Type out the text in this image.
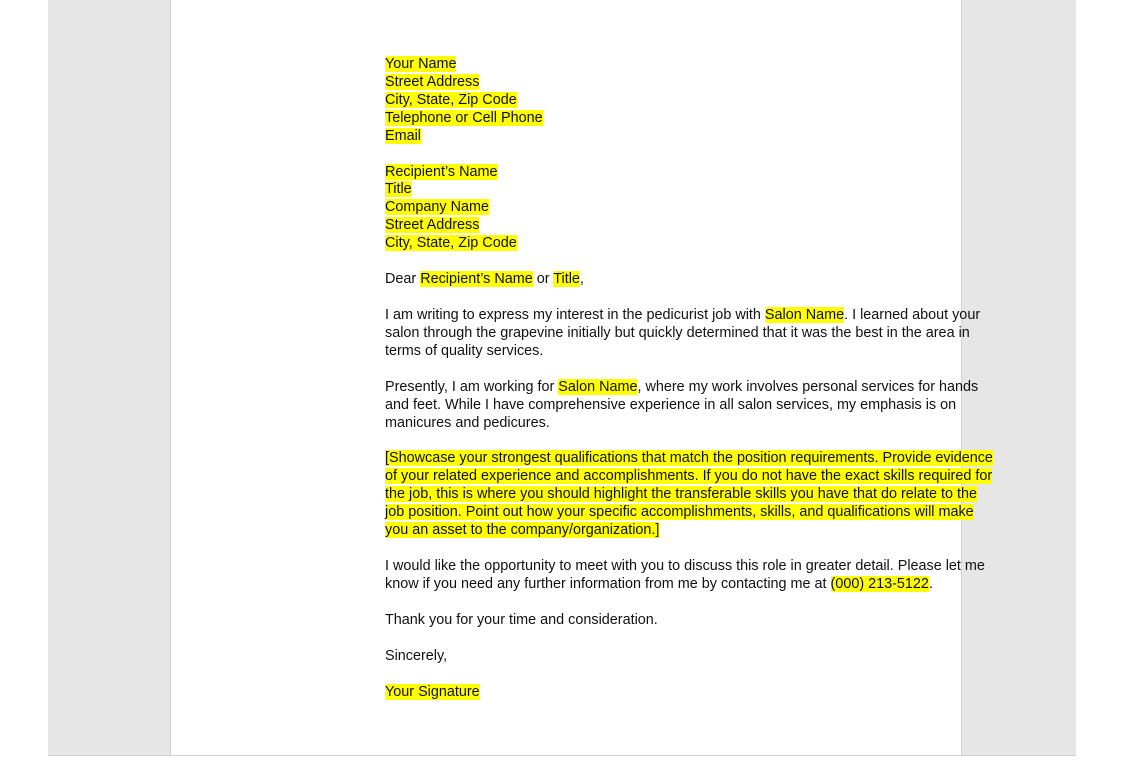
Your Name
Street Address
City, State, Zip Code
Telephone or Cell Phone
Email
Recipient’s Name
Title
Company Name
Street Address
City, State, Zip Code
Dear Recipient’s Name or Title,
I am writing to express my interest in the pedicurist job with Salon Name. I learned about your salon through the grapevine initially but quickly determined that it was the best in the area in terms of quality services.
Presently, I am working for Salon Name, where my work involves personal services for hands and feet. While I have comprehensive experience in all salon services, my emphasis is on manicures and pedicures.
[Showcase your strongest qualifications that match the position requirements. Provide evidence of your related experience and accomplishments. If you do not have the exact skills required for the job, this is where you should highlight the transferable skills you have that do relate to the job position. Point out how your specific accomplishments, skills, and qualifications will make you an asset to the company/organization.]
I would like the opportunity to meet with you to discuss this role in greater detail. Please let me know if you need any further information from me by contacting me at (000) 213-5122.
Thank you for your time and consideration.
Sincerely,
Your Signature
